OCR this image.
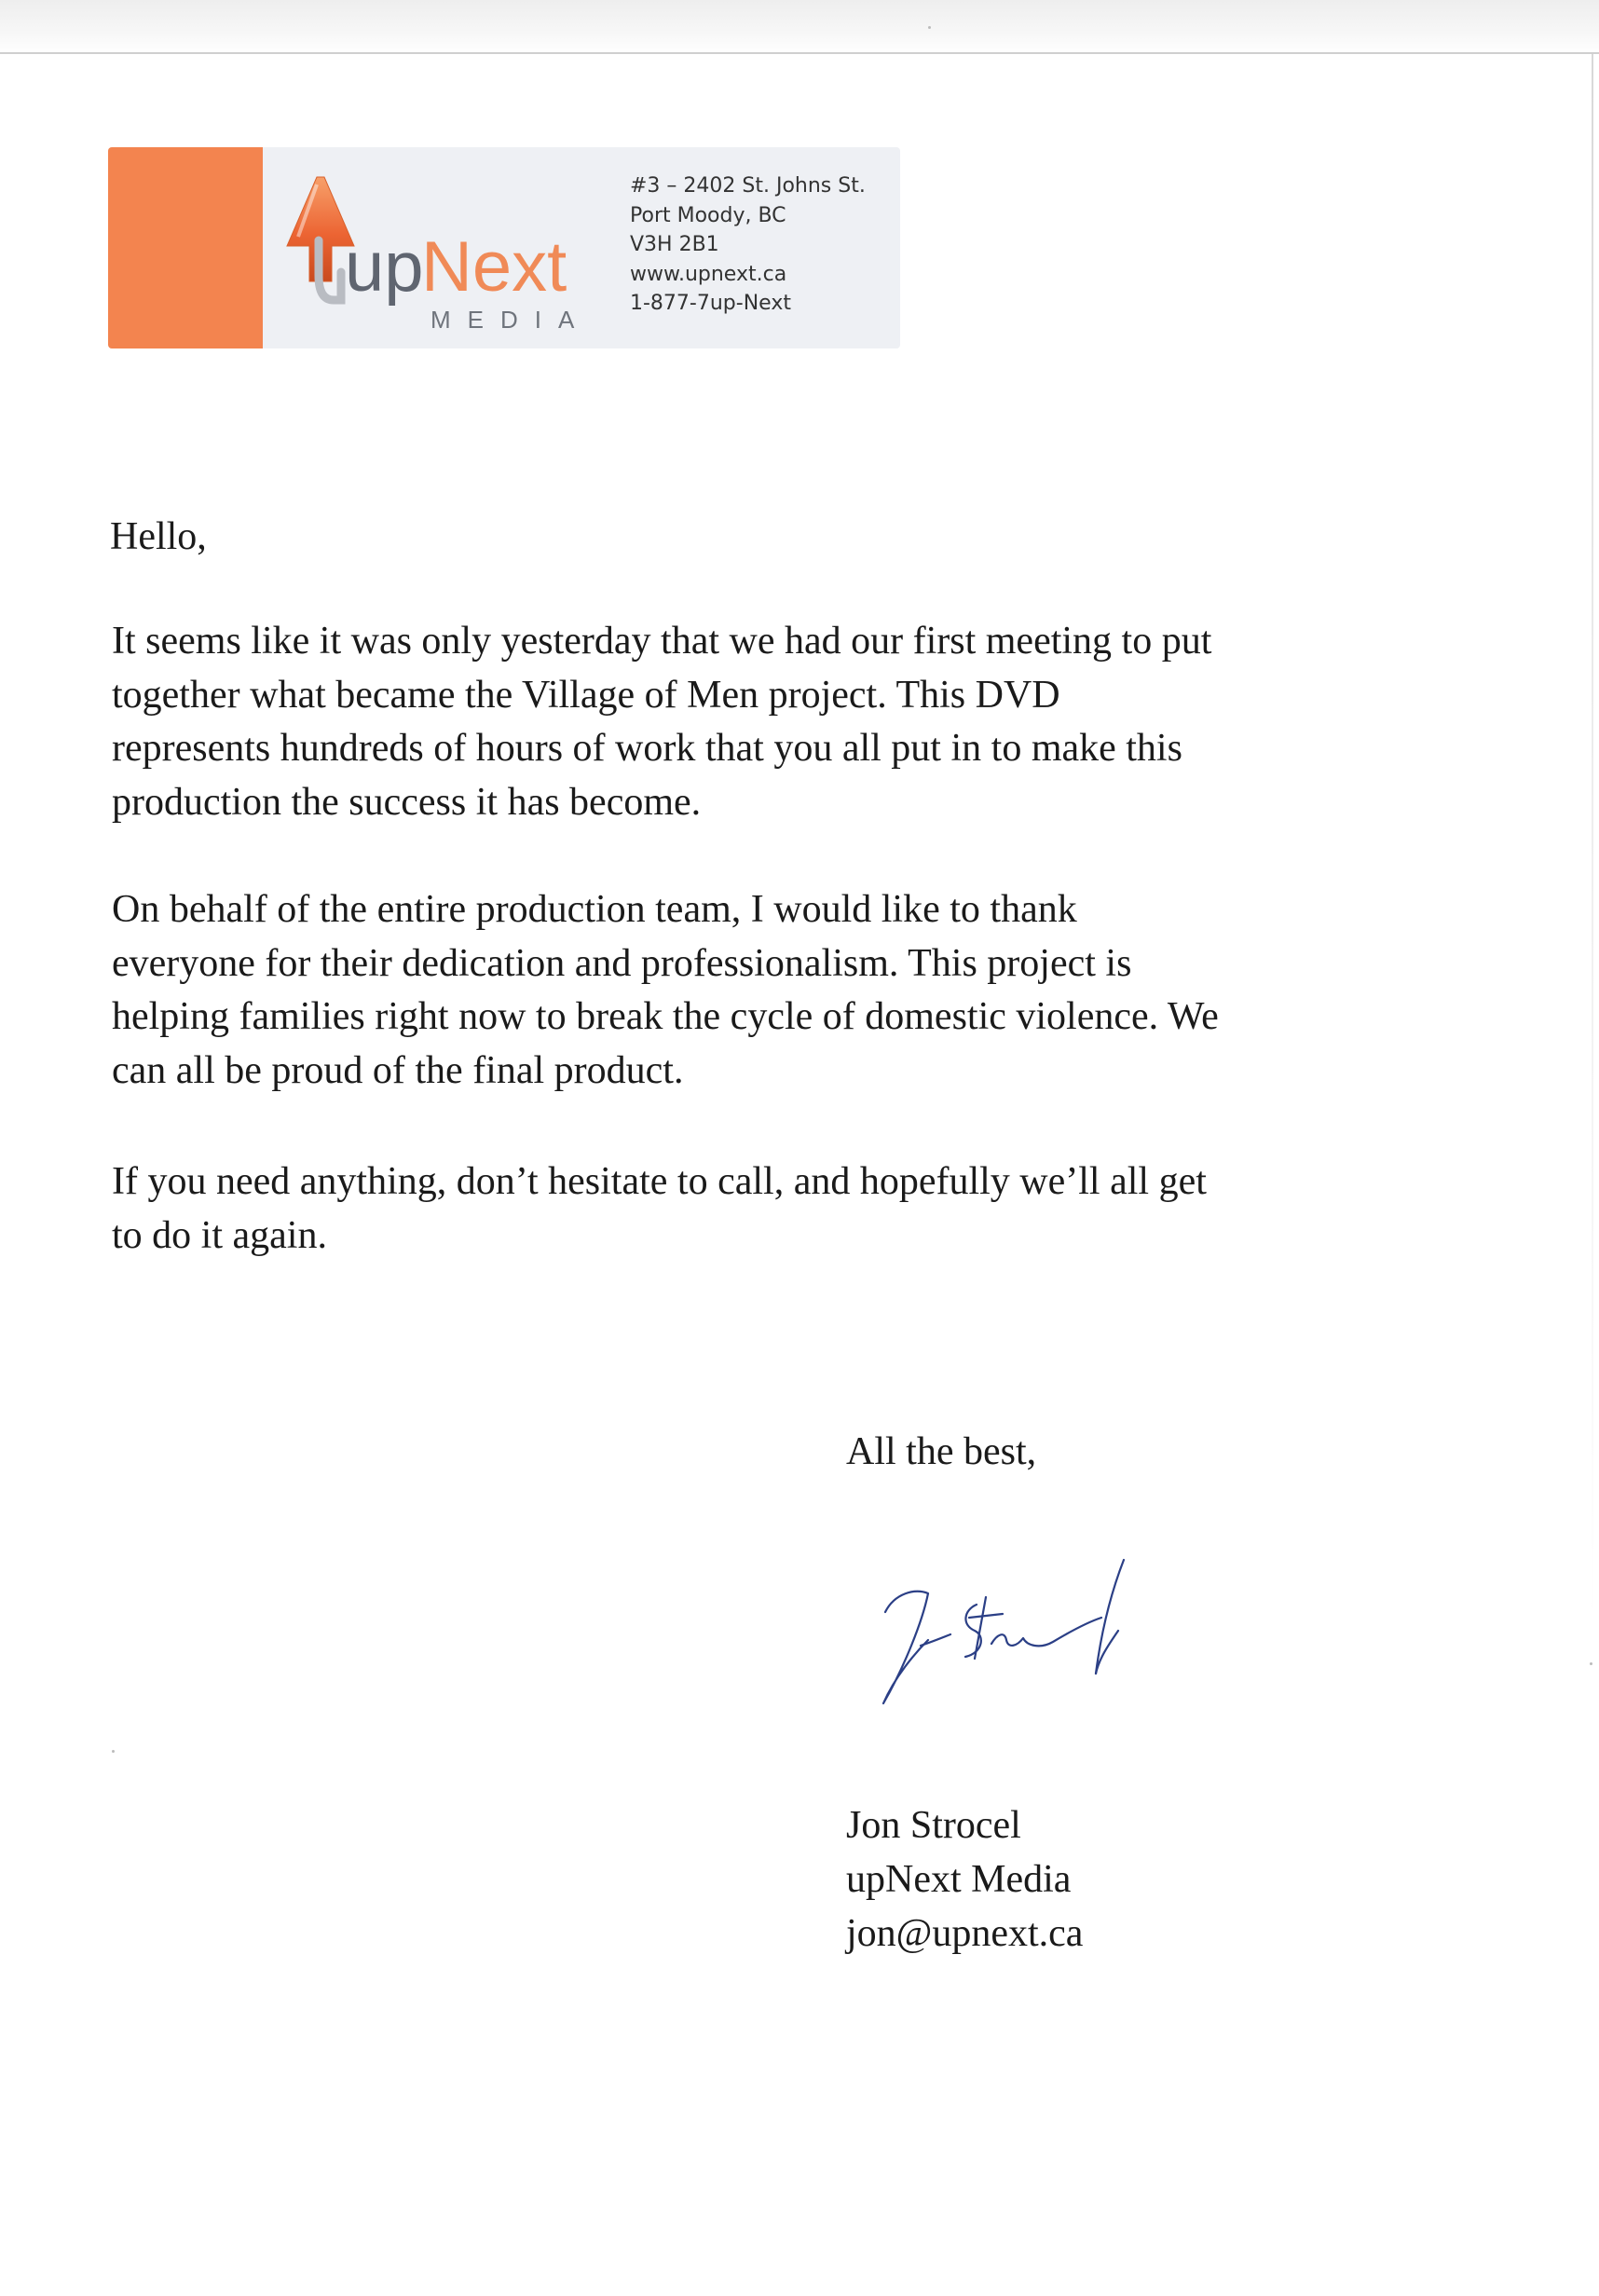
up
Next
MEDIA
#3 – 2402 St. Johns St.
Port Moody, BC
V3H 2B1
www.upnext.ca
1-877-7up-Next
Hello,
It seems like it was only yesterday that we had our first meeting to put
together what became the Village of Men project. This DVD
represents hundreds of hours of work that you all put in to make this
production the success it has become.
On behalf of the entire production team, I would like to thank
everyone for their dedication and professionalism. This project is
helping families right now to break the cycle of domestic violence. We
can all be proud of the final product.
If you need anything, don’t hesitate to call, and hopefully we’ll all get
to do it again.
All the best,
Jon Strocel
upNext Media
jon@upnext.ca
